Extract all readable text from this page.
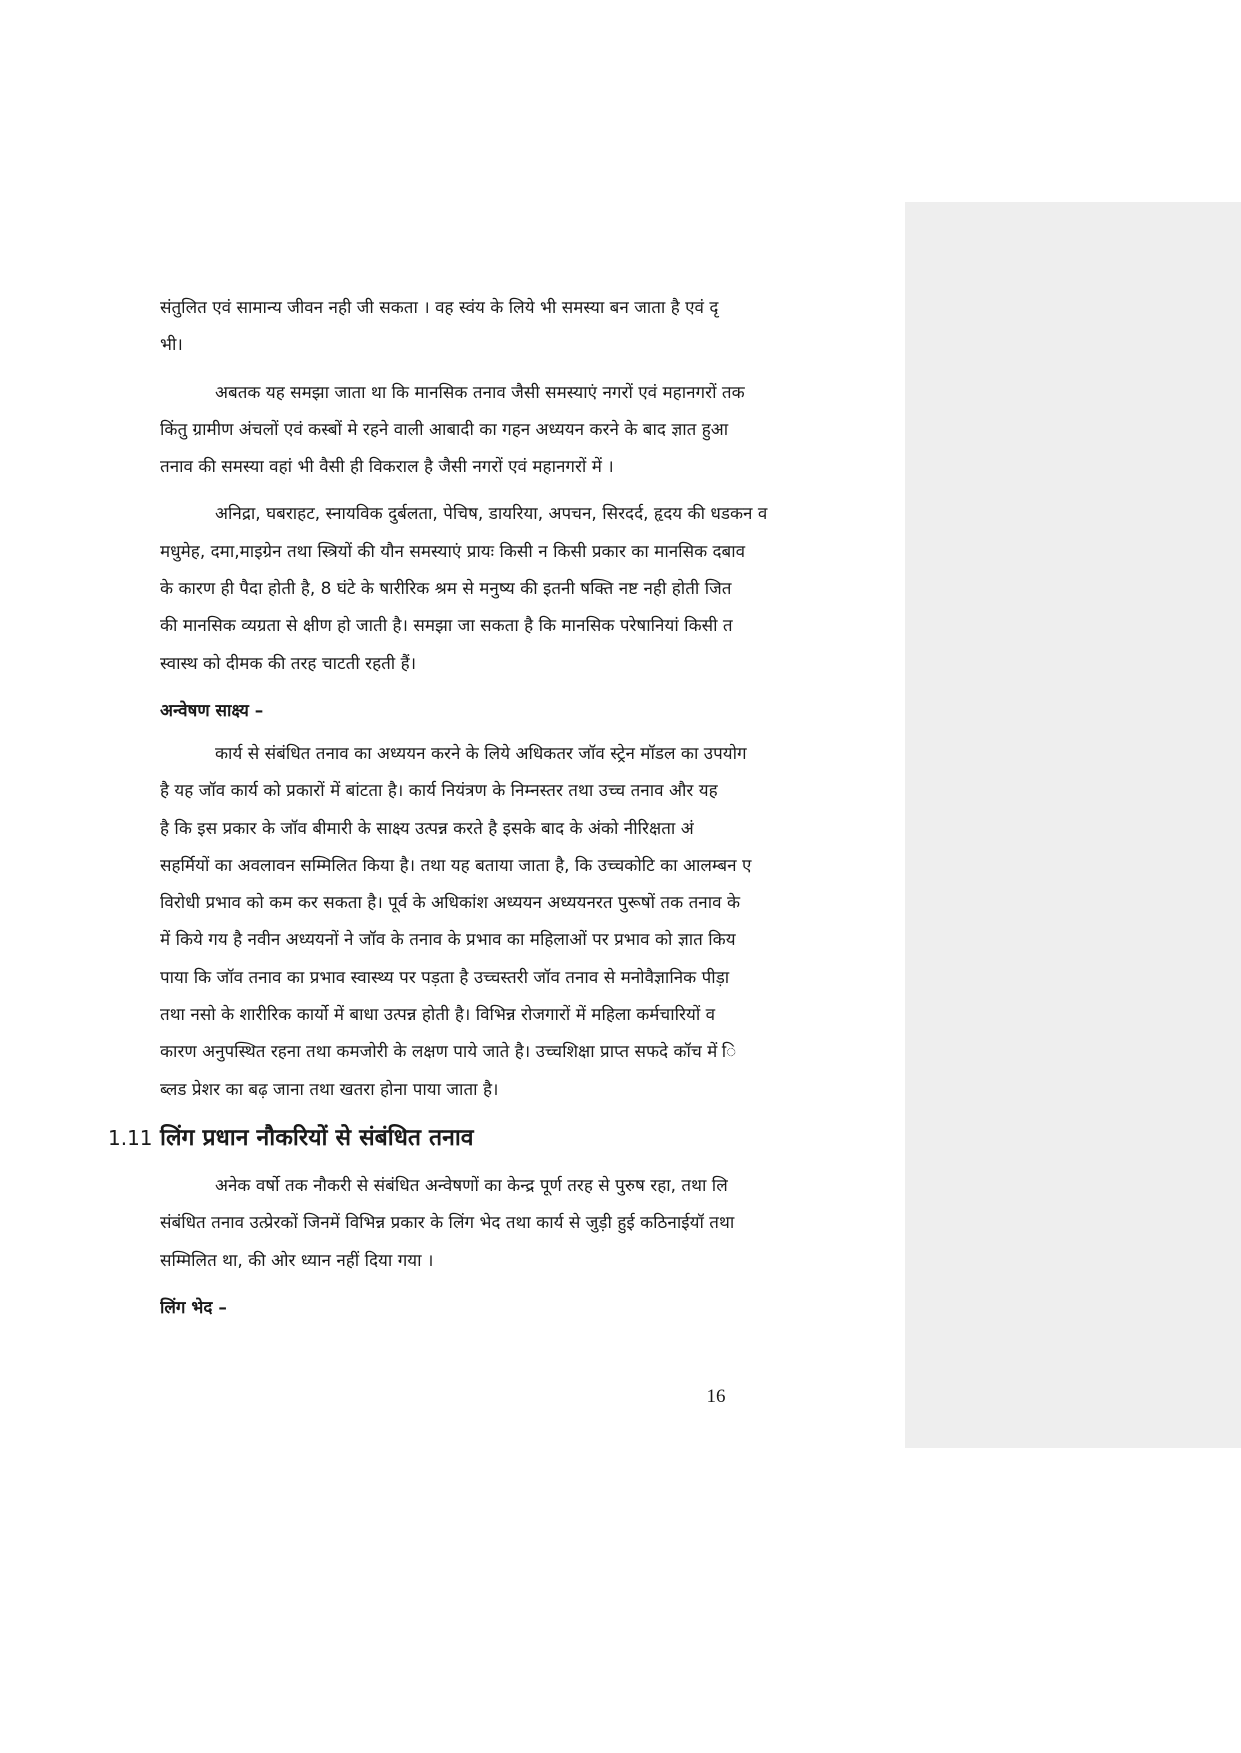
संतुलित एवं सामान्य जीवन नही जी सकता । वह स्वंय के लिये भी समस्या बन जाता है एवं दृ
भी।
अबतक यह समझा जाता था कि मानसिक तनाव जैसी समस्याएं नगरों एवं महानगरों तक
किंतु ग्रामीण अंचलों एवं कस्बों मे रहने वाली आबादी का गहन अध्ययन करने के बाद ज्ञात हुआ
तनाव की समस्या वहां भी वैसी ही विकराल है जैसी नगरों एवं महानगरों में ।
अनिद्रा, घबराहट, स्नायविक दुर्बलता, पेचिष, डायरिया, अपचन, सिरदर्द, हृदय की धडकन व
मधुमेह, दमा,माइग्रेन तथा स्त्रियों की यौन समस्याएं प्रायः किसी न किसी प्रकार का मानसिक दबाव
के कारण ही पैदा होती है, 8 घंटे के षारीरिक श्रम से मनुष्य की इतनी षक्ति नष्ट नही होती जित
की मानसिक व्यग्रता से क्षीण हो जाती है। समझा जा सकता है कि मानसिक परेषानियां किसी त
स्वास्थ को दीमक की तरह चाटती रहती हैं।
अन्वेषण साक्ष्य –
कार्य से संबंधित तनाव का अध्ययन करने के लिये अधिकतर जॉव स्ट्रेन मॉडल का उपयोग
है यह जॉव कार्य को प्रकारों में बांटता है। कार्य नियंत्रण के निम्नस्तर तथा उच्च तनाव और यह
है कि इस प्रकार के जॉव बीमारी के साक्ष्य उत्पन्न करते है इसके बाद के अंको नीरिक्षता अं
सहर्मियों का अवलावन सम्मिलित किया है। तथा यह बताया जाता है, कि उच्चकोटि का आलम्बन ए
विरोधी प्रभाव को कम कर सकता है। पूर्व के अधिकांश अध्ययन अध्ययनरत पुरूषों तक तनाव के
में किये गय है नवीन अध्ययनों ने जॉव के तनाव के प्रभाव का महिलाओं पर प्रभाव को ज्ञात किय
पाया कि जॉव तनाव का प्रभाव स्वास्थ्य पर पड़ता है उच्चस्तरी जॉव तनाव से मनोवैज्ञानिक पीड़ा
तथा नसो के शारीरिक कार्यो में बाधा उत्पन्न होती है। विभिन्न रोजगारों में महिला कर्मचारियों व
कारण अनुपस्थित रहना तथा कमजोरी के लक्षण पाये जाते है। उच्चशिक्षा प्राप्त सफदे कॉच में ि
ब्लड प्रेशर का बढ़ जाना तथा खतरा होना पाया जाता है।
1.11 लिंग प्रधान नौकरियों से संबंधित तनाव
अनेक वर्षो तक नौकरी से संबंधित अन्वेषणों का केन्द्र पूर्ण तरह से पुरुष रहा, तथा लि
संबंधित तनाव उत्प्रेरकों जिनमें विभिन्न प्रकार के लिंग भेद तथा कार्य से जुड़ी हुई कठिनाईयॉ तथा
सम्मिलित था, की ओर ध्यान नहीं दिया गया ।
लिंग भेद –
16
